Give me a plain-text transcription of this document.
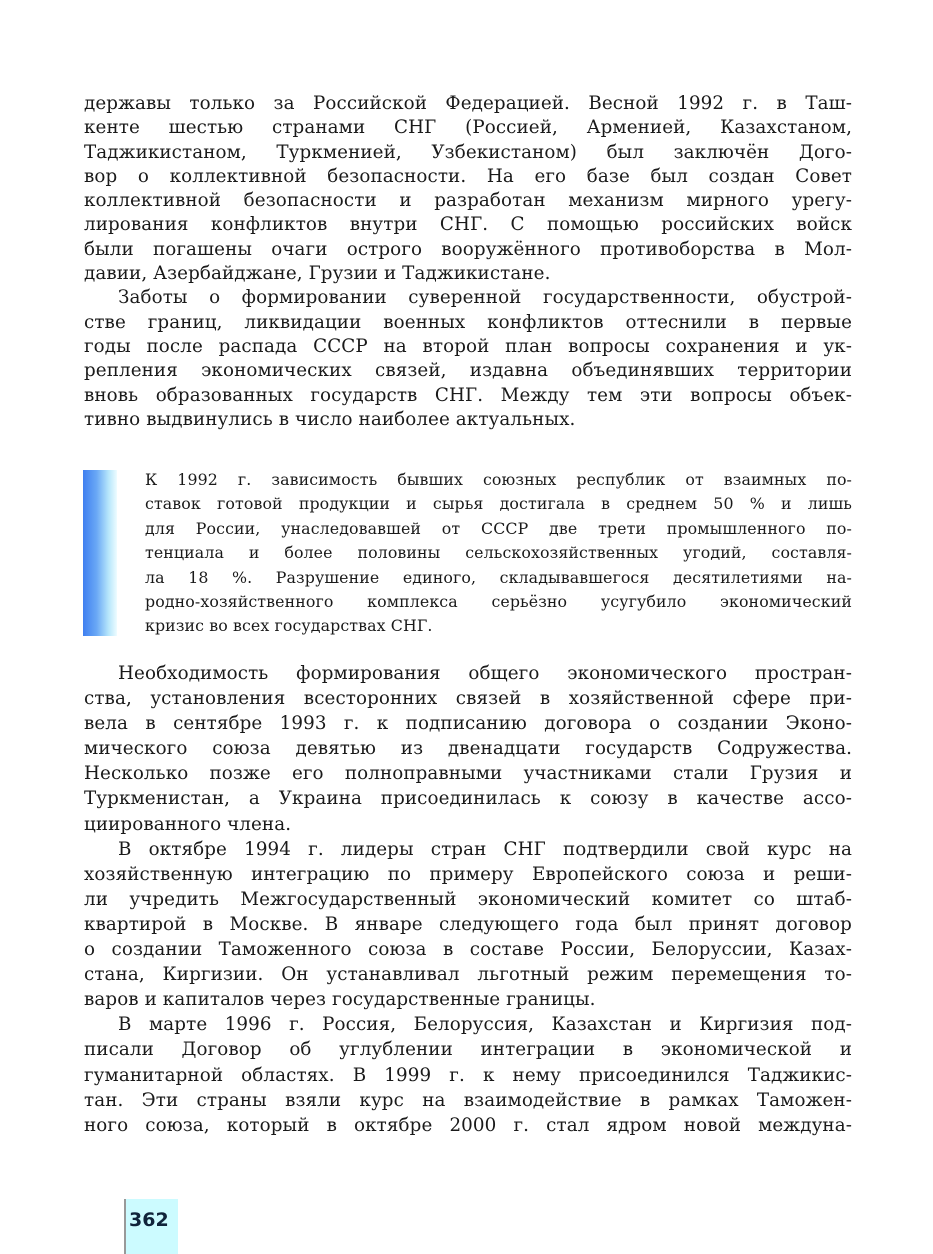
державы только за Российской Федерацией. Весной 1992 г. в Таш-
кенте шестью странами СНГ (Россией, Арменией, Казахстаном,
Таджикистаном, Туркменией, Узбекистаном) был заключён Дого-
вор о коллективной безопасности. На его базе был создан Совет
коллективной безопасности и разработан механизм мирного урегу-
лирования конфликтов внутри СНГ. С помощью российских войск
были погашены очаги острого вооружённого противоборства в Мол-
давии, Азербайджане, Грузии и Таджикистане.
Заботы о формировании суверенной государственности, обустрой-
стве границ, ликвидации военных конфликтов оттеснили в первые
годы после распада СССР на второй план вопросы сохранения и ук-
репления экономических связей, издавна объединявших территории
вновь образованных государств СНГ. Между тем эти вопросы объек-
тивно выдвинулись в число наиболее актуальных.
К 1992 г. зависимость бывших союзных республик от взаимных по-
ставок готовой продукции и сырья достигала в среднем 50 % и лишь
для России, унаследовавшей от СССР две трети промышленного по-
тенциала и более половины сельскохозяйственных угодий, составля-
ла 18 %. Разрушение единого, складывавшегося десятилетиями на-
родно-хозяйственного комплекса серьёзно усугубило экономический
кризис во всех государствах СНГ.
Необходимость формирования общего экономического простран-
ства, установления всесторонних связей в хозяйственной сфере при-
вела в сентябре 1993 г. к подписанию договора о создании Эконо-
мического союза девятью из двенадцати государств Содружества.
Несколько позже его полноправными участниками стали Грузия и
Туркменистан, а Украина присоединилась к союзу в качестве ассо-
циированного члена.
В октябре 1994 г. лидеры стран СНГ подтвердили свой курс на
хозяйственную интеграцию по примеру Европейского союза и реши-
ли учредить Межгосударственный экономический комитет со штаб-
квартирой в Москве. В январе следующего года был принят договор
о создании Таможенного союза в составе России, Белоруссии, Казах-
стана, Киргизии. Он устанавливал льготный режим перемещения то-
варов и капиталов через государственные границы.
В марте 1996 г. Россия, Белоруссия, Казахстан и Киргизия под-
писали Договор об углублении интеграции в экономической и
гуманитарной областях. В 1999 г. к нему присоединился Таджикис-
тан. Эти страны взяли курс на взаимодействие в рамках Таможен-
ного союза, который в октябре 2000 г. стал ядром новой междуна-
362
